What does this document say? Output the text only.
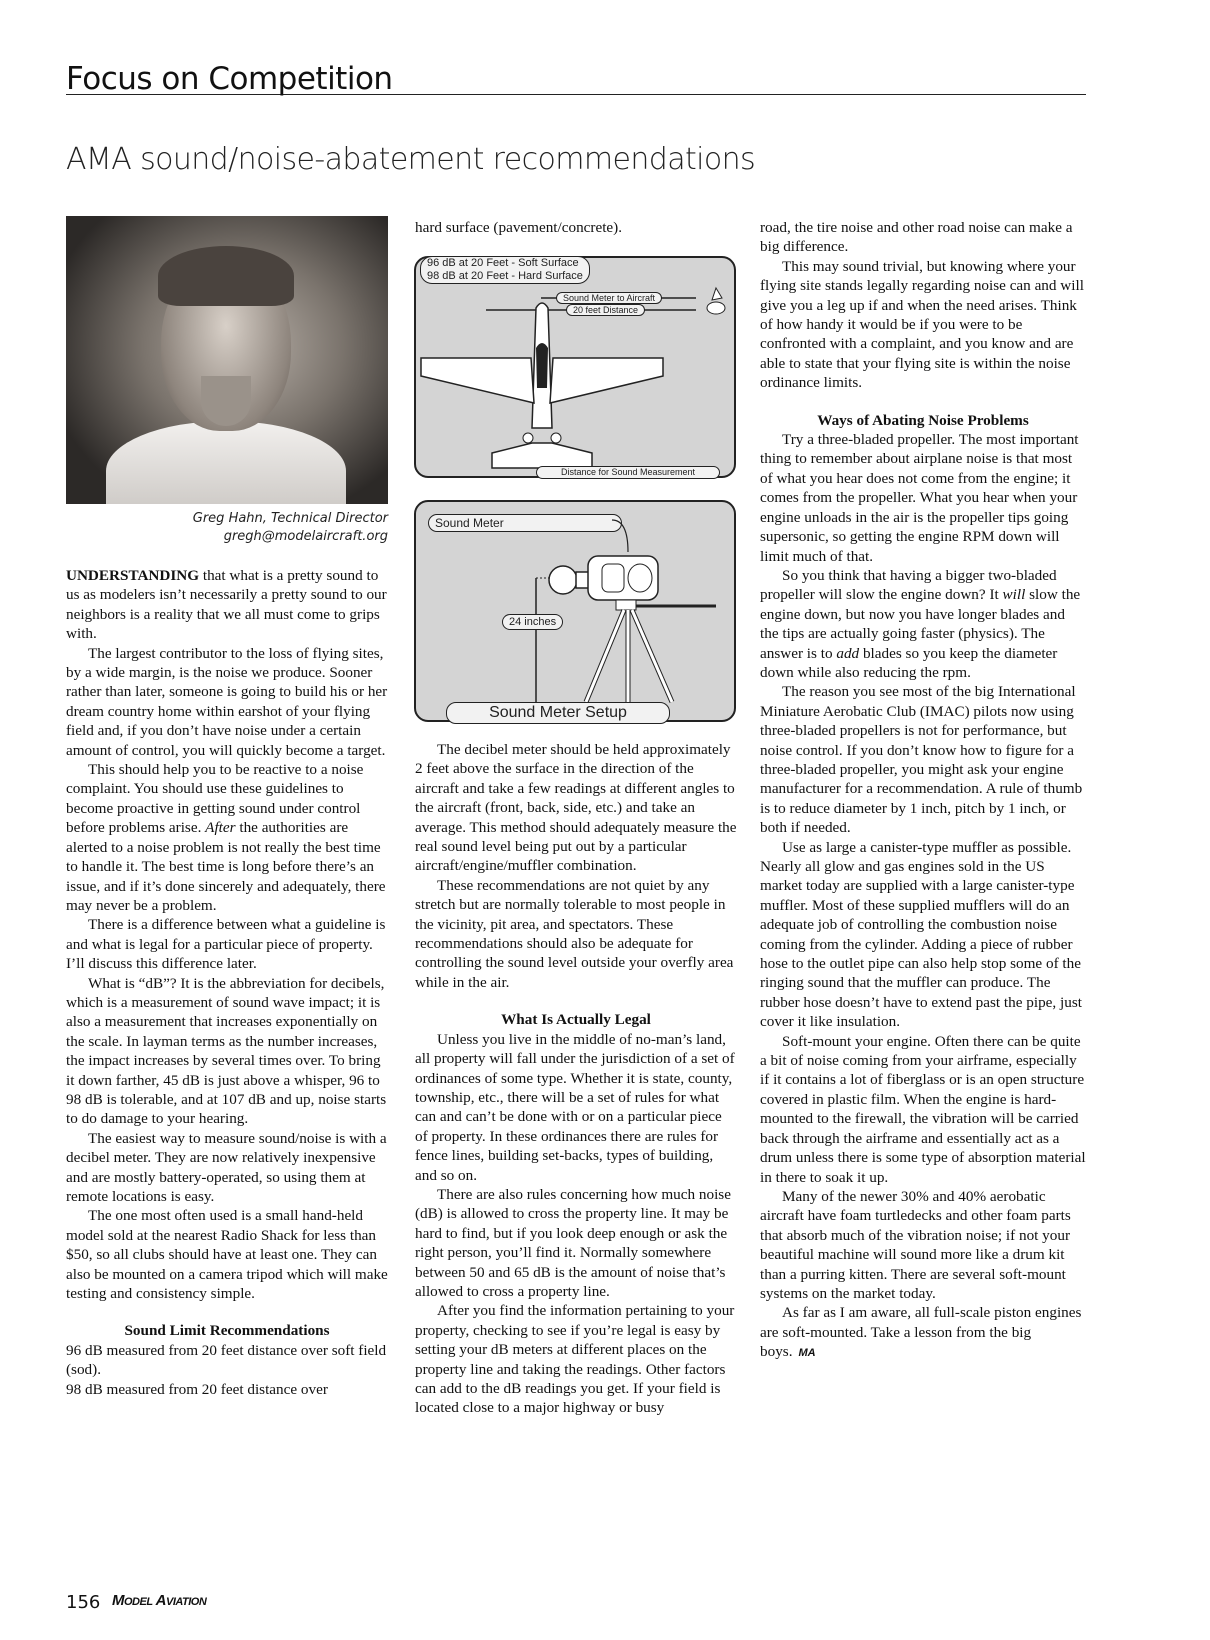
Focus on Competition
AMA sound/noise-abatement recommendations
Greg Hahn, Technical Director
gregh@modelaircraft.org

UNDERSTANDING that what is a pretty sound to us as modelers isn’t necessarily a pretty sound to our neighbors is a reality that we all must come to grips with.

The largest contributor to the loss of flying sites, by a wide margin, is the noise we produce. Sooner rather than later, someone is going to build his or her dream country home within earshot of your flying field and, if you don’t have noise under a certain amount of control, you will quickly become a target.

This should help you to be reactive to a noise complaint. You should use these guidelines to become proactive in getting sound under control before problems arise. After the authorities are alerted to a noise problem is not really the best time to handle it. The best time is long before there’s an issue, and if it’s done sincerely and adequately, there may never be a problem.

There is a difference between what a guideline is and what is legal for a particular piece of property. I’ll discuss this difference later.

What is “dB”? It is the abbreviation for decibels, which is a measurement of sound wave impact; it is also a measurement that increases exponentially on the scale. In layman terms as the number increases, the impact increases by several times over. To bring it down farther, 45 dB is just above a whisper, 96 to 98 dB is tolerable, and at 107 dB and up, noise starts to do damage to your hearing.

The easiest way to measure sound/noise is with a decibel meter. They are now relatively inexpensive and are mostly battery-operated, so using them at remote locations is easy.

The one most often used is a small hand-held model sold at the nearest Radio Shack for less than $50, so all clubs should have at least one. They can also be mounted on a camera tripod which will make testing and consistency simple.

Sound Limit Recommendations

96 dB measured from 20 feet distance over soft field (sod).

98 dB measured from 20 feet distance over

hard surface (pavement/concrete).

96 dB at 20 Feet - Soft Surface
98 dB at 20 Feet - Hard Surface
Sound Meter to Aircraft
20 feet Distance
Distance for Sound Measurement
Sound Meter
24 inches
Sound Meter Setup

The decibel meter should be held approximately 2 feet above the surface in the direction of the aircraft and take a few readings at different angles to the aircraft (front, back, side, etc.) and take an average. This method should adequately measure the real sound level being put out by a particular aircraft/engine/muffler combination.

These recommendations are not quiet by any stretch but are normally tolerable to most people in the vicinity, pit area, and spectators. These recommendations should also be adequate for controlling the sound level outside your overfly area while in the air.

What Is Actually Legal

Unless you live in the middle of no-man’s land, all property will fall under the jurisdiction of a set of ordinances of some type. Whether it is state, county, township, etc., there will be a set of rules for what can and can’t be done with or on a particular piece of property. In these ordinances there are rules for fence lines, building set-backs, types of building, and so on.

There are also rules concerning how much noise (dB) is allowed to cross the property line. It may be hard to find, but if you look deep enough or ask the right person, you’ll find it. Normally somewhere between 50 and 65 dB is the amount of noise that’s allowed to cross a property line.

After you find the information pertaining to your property, checking to see if you’re legal is easy by setting your dB meters at different places on the property line and taking the readings. Other factors can add to the dB readings you get. If your field is located close to a major highway or busy

road, the tire noise and other road noise can make a big difference.

This may sound trivial, but knowing where your flying site stands legally regarding noise can and will give you a leg up if and when the need arises. Think of how handy it would be if you were to be confronted with a complaint, and you know and are able to state that your flying site is within the noise ordinance limits.

Ways of Abating Noise Problems

Try a three-bladed propeller. The most important thing to remember about airplane noise is that most of what you hear does not come from the engine; it comes from the propeller. What you hear when your engine unloads in the air is the propeller tips going supersonic, so getting the engine RPM down will limit much of that.

So you think that having a bigger two-bladed propeller will slow the engine down? It will slow the engine down, but now you have longer blades and the tips are actually going faster (physics). The answer is to add blades so you keep the diameter down while also reducing the rpm.

The reason you see most of the big International Miniature Aerobatic Club (IMAC) pilots now using three-bladed propellers is not for performance, but noise control. If you don’t know how to figure for a three-bladed propeller, you might ask your engine manufacturer for a recommendation. A rule of thumb is to reduce diameter by 1 inch, pitch by 1 inch, or both if needed.

Use as large a canister-type muffler as possible. Nearly all glow and gas engines sold in the US market today are supplied with a large canister-type muffler. Most of these supplied mufflers will do an adequate job of controlling the combustion noise coming from the cylinder. Adding a piece of rubber hose to the outlet pipe can also help stop some of the ringing sound that the muffler can produce. The rubber hose doesn’t have to extend past the pipe, just cover it like insulation.

Soft-mount your engine. Often there can be quite a bit of noise coming from your airframe, especially if it contains a lot of fiberglass or is an open structure covered in plastic film. When the engine is hard-mounted to the firewall, the vibration will be carried back through the airframe and essentially act as a drum unless there is some type of absorption material in there to soak it up.

Many of the newer 30% and 40% aerobatic aircraft have foam turtledecks and other foam parts that absorb much of the vibration noise; if not your beautiful machine will sound more like a drum kit than a purring kitten. There are several soft-mount systems on the market today.

As far as I am aware, all full-scale piston engines are soft-mounted. Take a lesson from the big boys. MA

156 Model Aviation
